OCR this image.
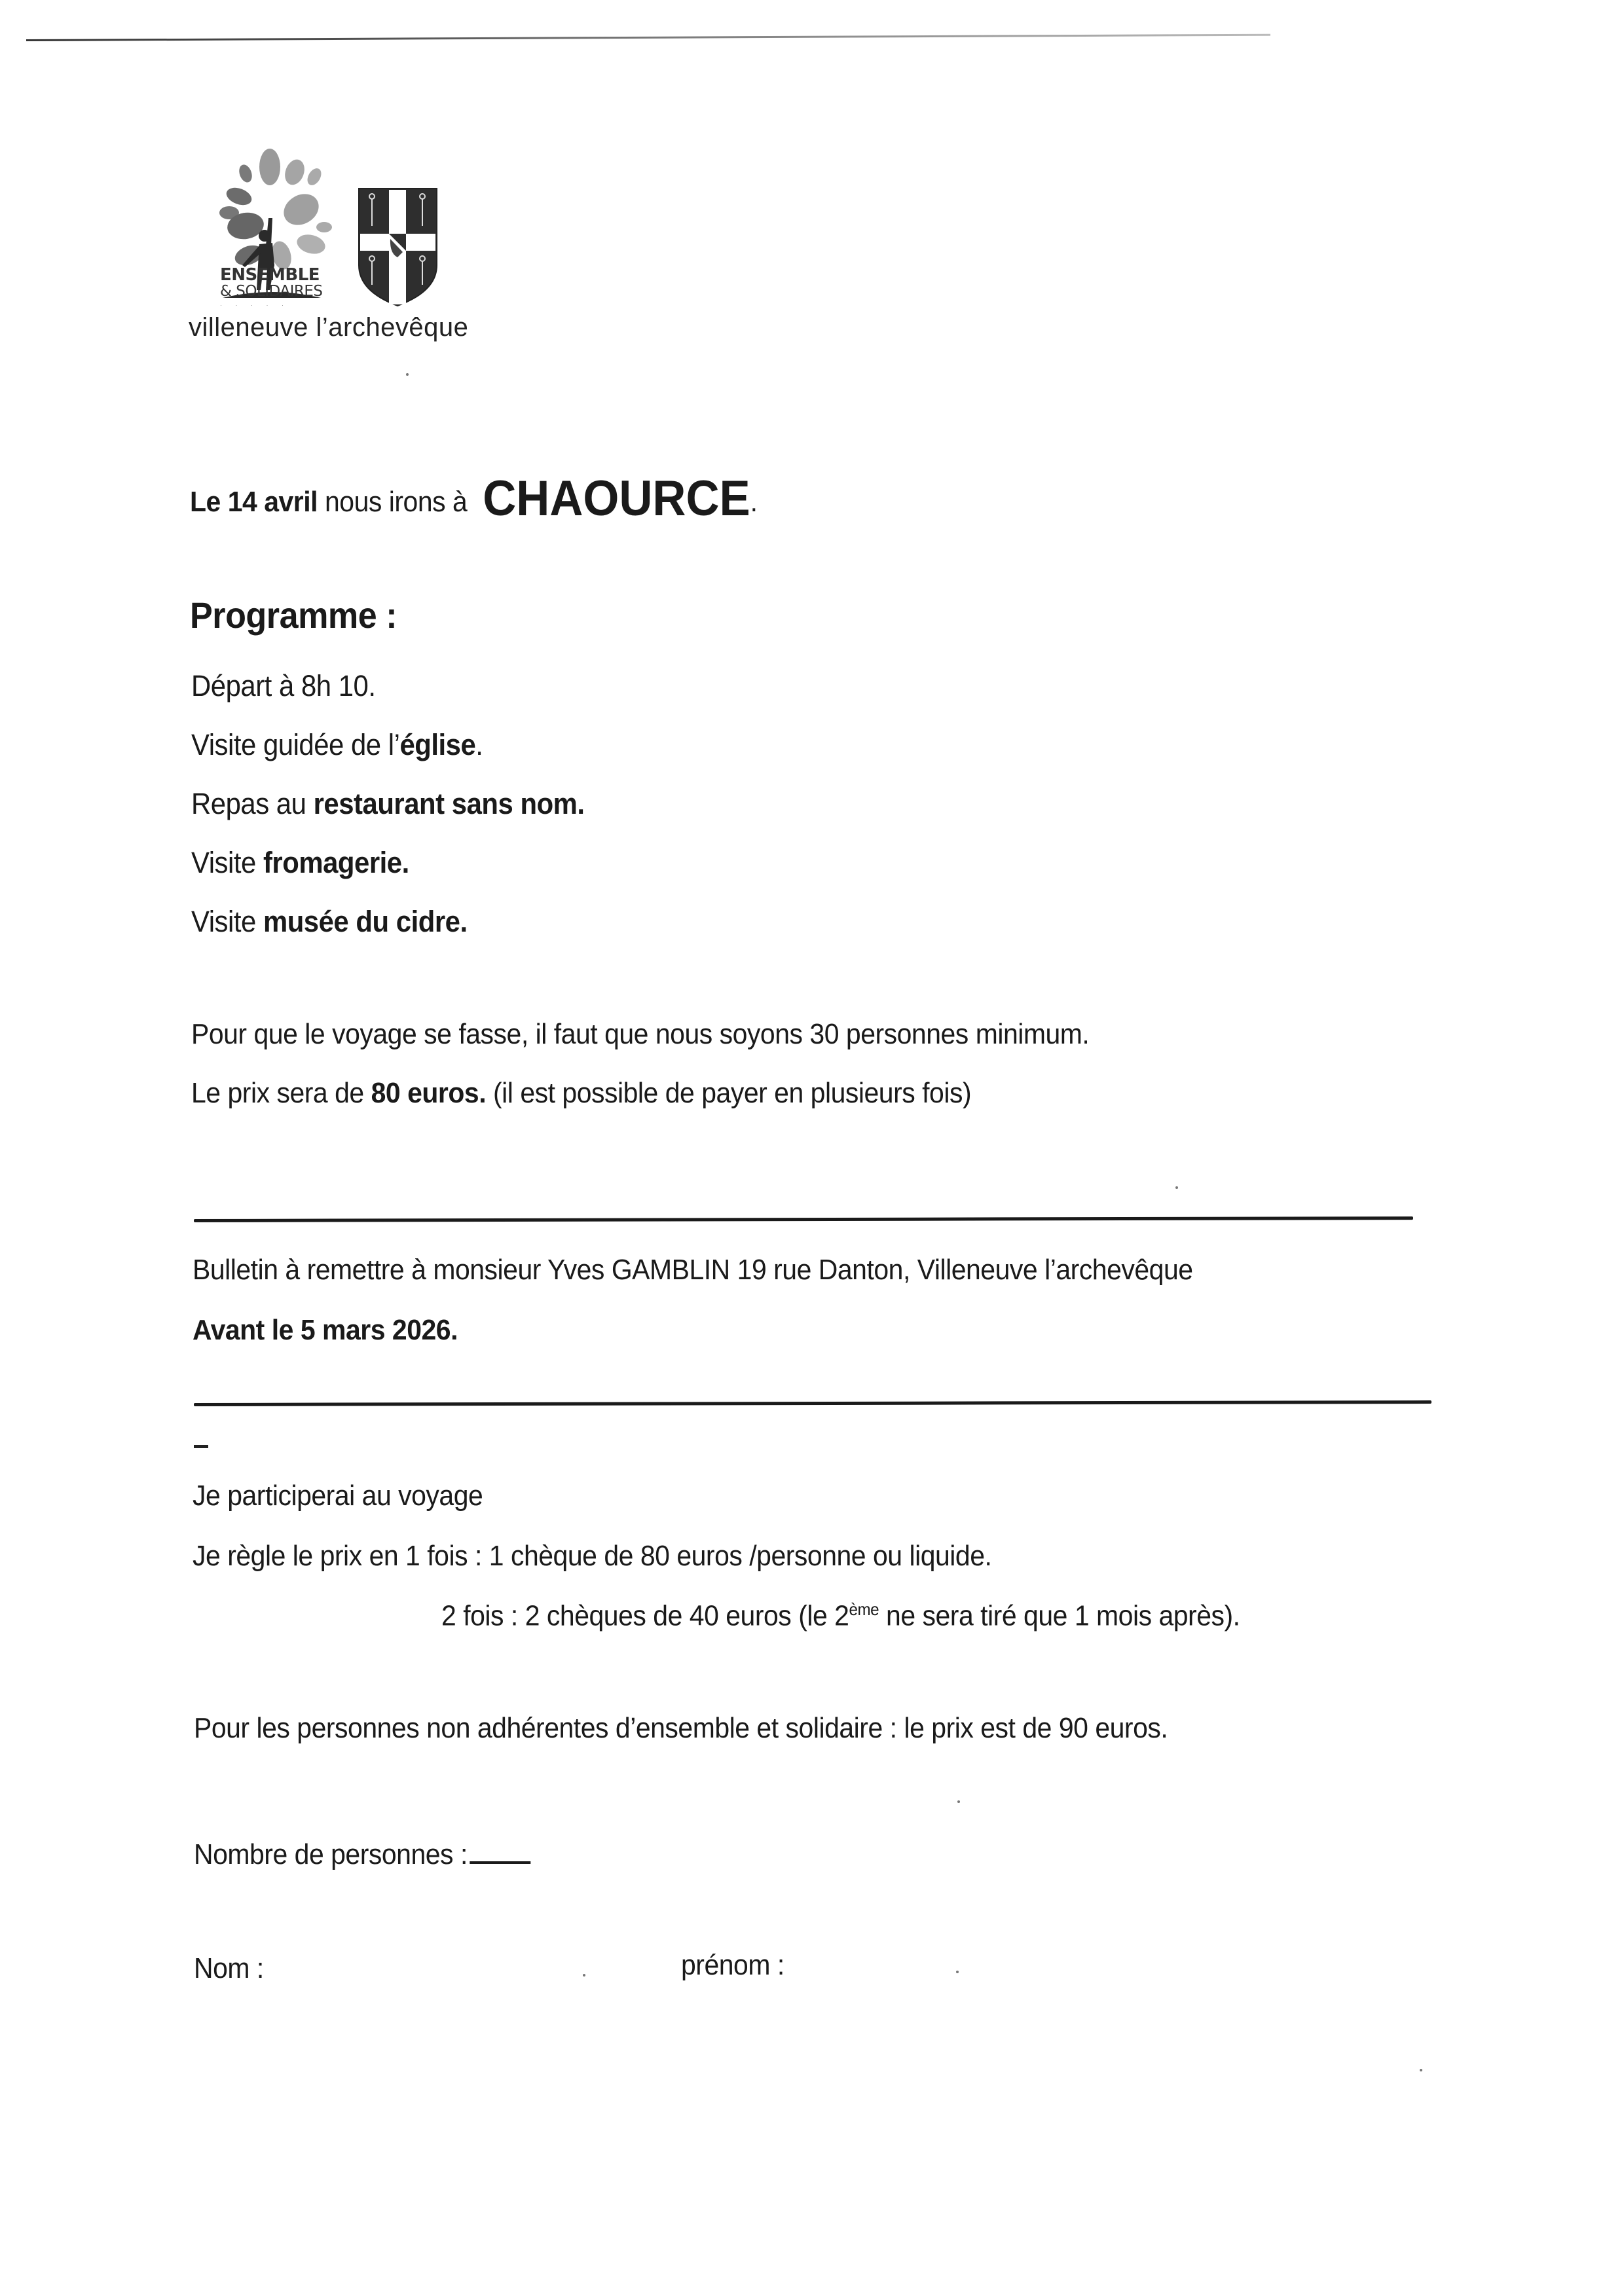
ENSEMBLE
& SOLIDAIRES
· · · · ·
villeneuve l’archevêque
Le 14 avril nous irons à CHAOURCE.
Programme :
Départ à 8h 10.
Visite guidée de l’église.
Repas au restaurant sans nom.
Visite fromagerie.
Visite musée du cidre.
Pour que le voyage se fasse, il faut que nous soyons 30 personnes minimum.
Le prix sera de 80 euros. (il est possible de payer en plusieurs fois)
Bulletin à remettre à monsieur Yves GAMBLIN 19 rue Danton, Villeneuve l’archevêque
Avant le 5 mars 2026.
Je participerai au voyage
Je règle le prix en 1 fois : 1 chèque de 80 euros /personne ou liquide.
2 fois : 2 chèques de 40 euros (le 2ème ne sera tiré que 1 mois après).
Pour les personnes non adhérentes d’ensemble et solidaire : le prix est de 90 euros.
Nombre de personnes :
Nom :	prénom :
